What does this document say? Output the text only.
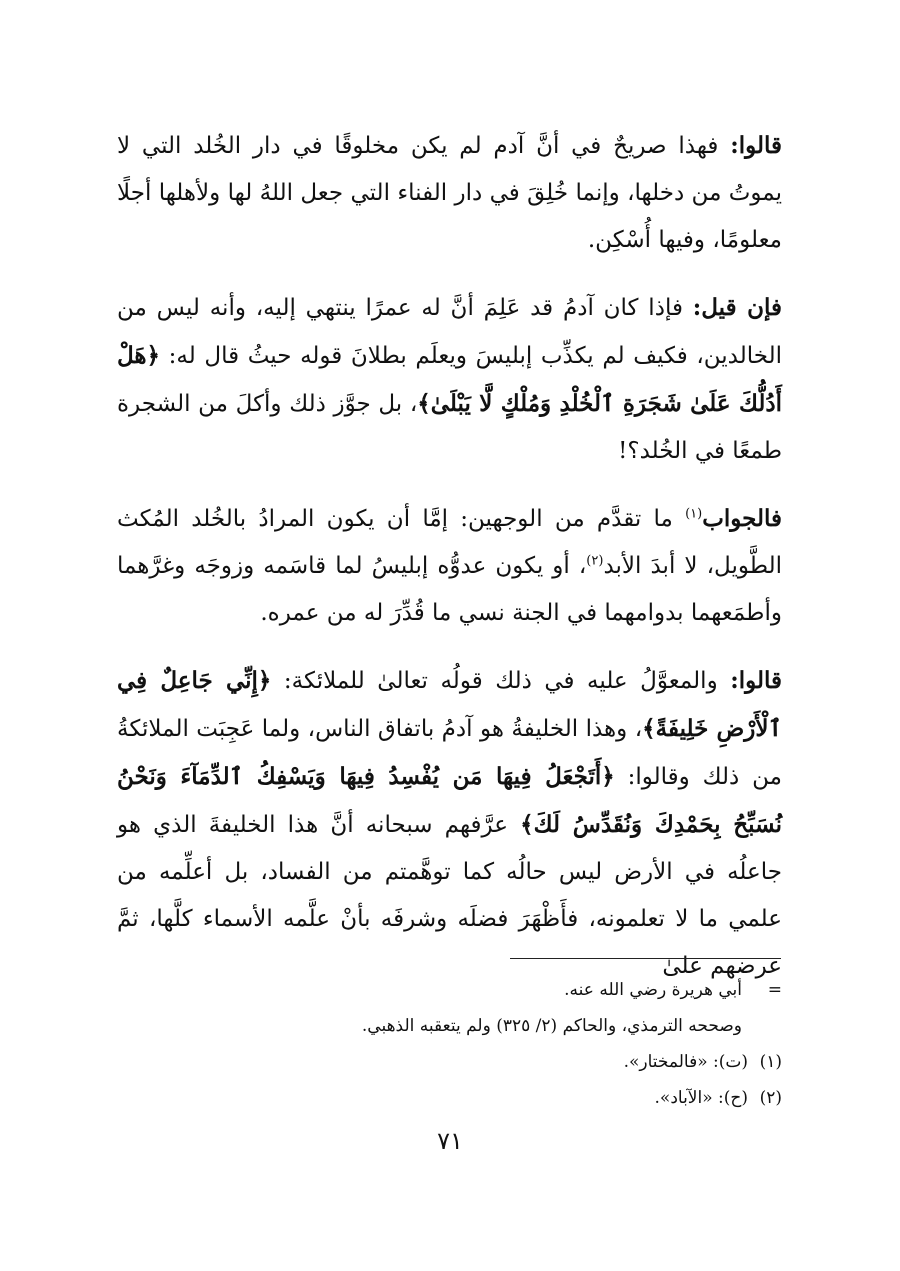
قالوا: فهذا صريحٌ في أنَّ آدم لم يكن مخلوقًا في دار الخُلد التي لا يموتُ من دخلها، وإنما خُلِقَ في دار الفناء التي جعل اللهُ لها ولأهلها أجلًا معلومًا، وفيها أُسْكِن.

فإن قيل: فإذا كان آدمُ قد عَلِمَ أنَّ له عمرًا ينتهي إليه، وأنه ليس من الخالدين، فكيف لم يكذِّب إبليسَ ويعلَم بطلانَ قوله حيثُ قال له: ﴿هَلْ أَدُلُّكَ عَلَىٰ شَجَرَةِ ٱلْخُلْدِ وَمُلْكٍ لَّا يَبْلَىٰ﴾، بل جوَّز ذلك وأكلَ من الشجرة طمعًا في الخُلد؟!

فالجواب$^{(١)}$ ما تقدَّم من الوجهين: إمَّا أن يكون المرادُ بالخُلد المُكث الطَّويل، لا أبدَ الأبد$^{(٢)}$، أو يكون عدوُّه إبليسُ لما قاسَمه وزوجَه وغرَّهما وأطمَعهما بدوامهما في الجنة نسي ما قُدِّرَ له من عمره.

قالوا: والمعوَّلُ عليه في ذلك قولُه تعالىٰ للملائكة: ﴿إِنِّي جَاعِلٌ فِي ٱلْأَرْضِ خَلِيفَةً﴾، وهذا الخليفةُ هو آدمُ باتفاق الناس، ولما عَجِبَت الملائكةُ من ذلك وقالوا: ﴿أَتَجْعَلُ فِيهَا مَن يُفْسِدُ فِيهَا وَيَسْفِكُ ٱلدِّمَآءَ وَنَحْنُ نُسَبِّحُ بِحَمْدِكَ وَنُقَدِّسُ لَكَ﴾ عرَّفهم سبحانه أنَّ هذا الخليفةَ الذي هو جاعلُه في الأرض ليس حالُه كما توهَّمتم من الفساد، بل أعلِّمه من علمي ما لا تعلمونه، فأَظْهَرَ فضلَه وشرفَه بأنْ علَّمه الأسماء كلَّها، ثمَّ عرضهم علىٰ

=أبي هريرة رضي الله عنه.
وصححه الترمذي، والحاكم (٢/ ٣٢٥) ولم يتعقبه الذهبي.
(١)(ت): «فالمختار».
(٢)(ح): «الآباد».
٧١
